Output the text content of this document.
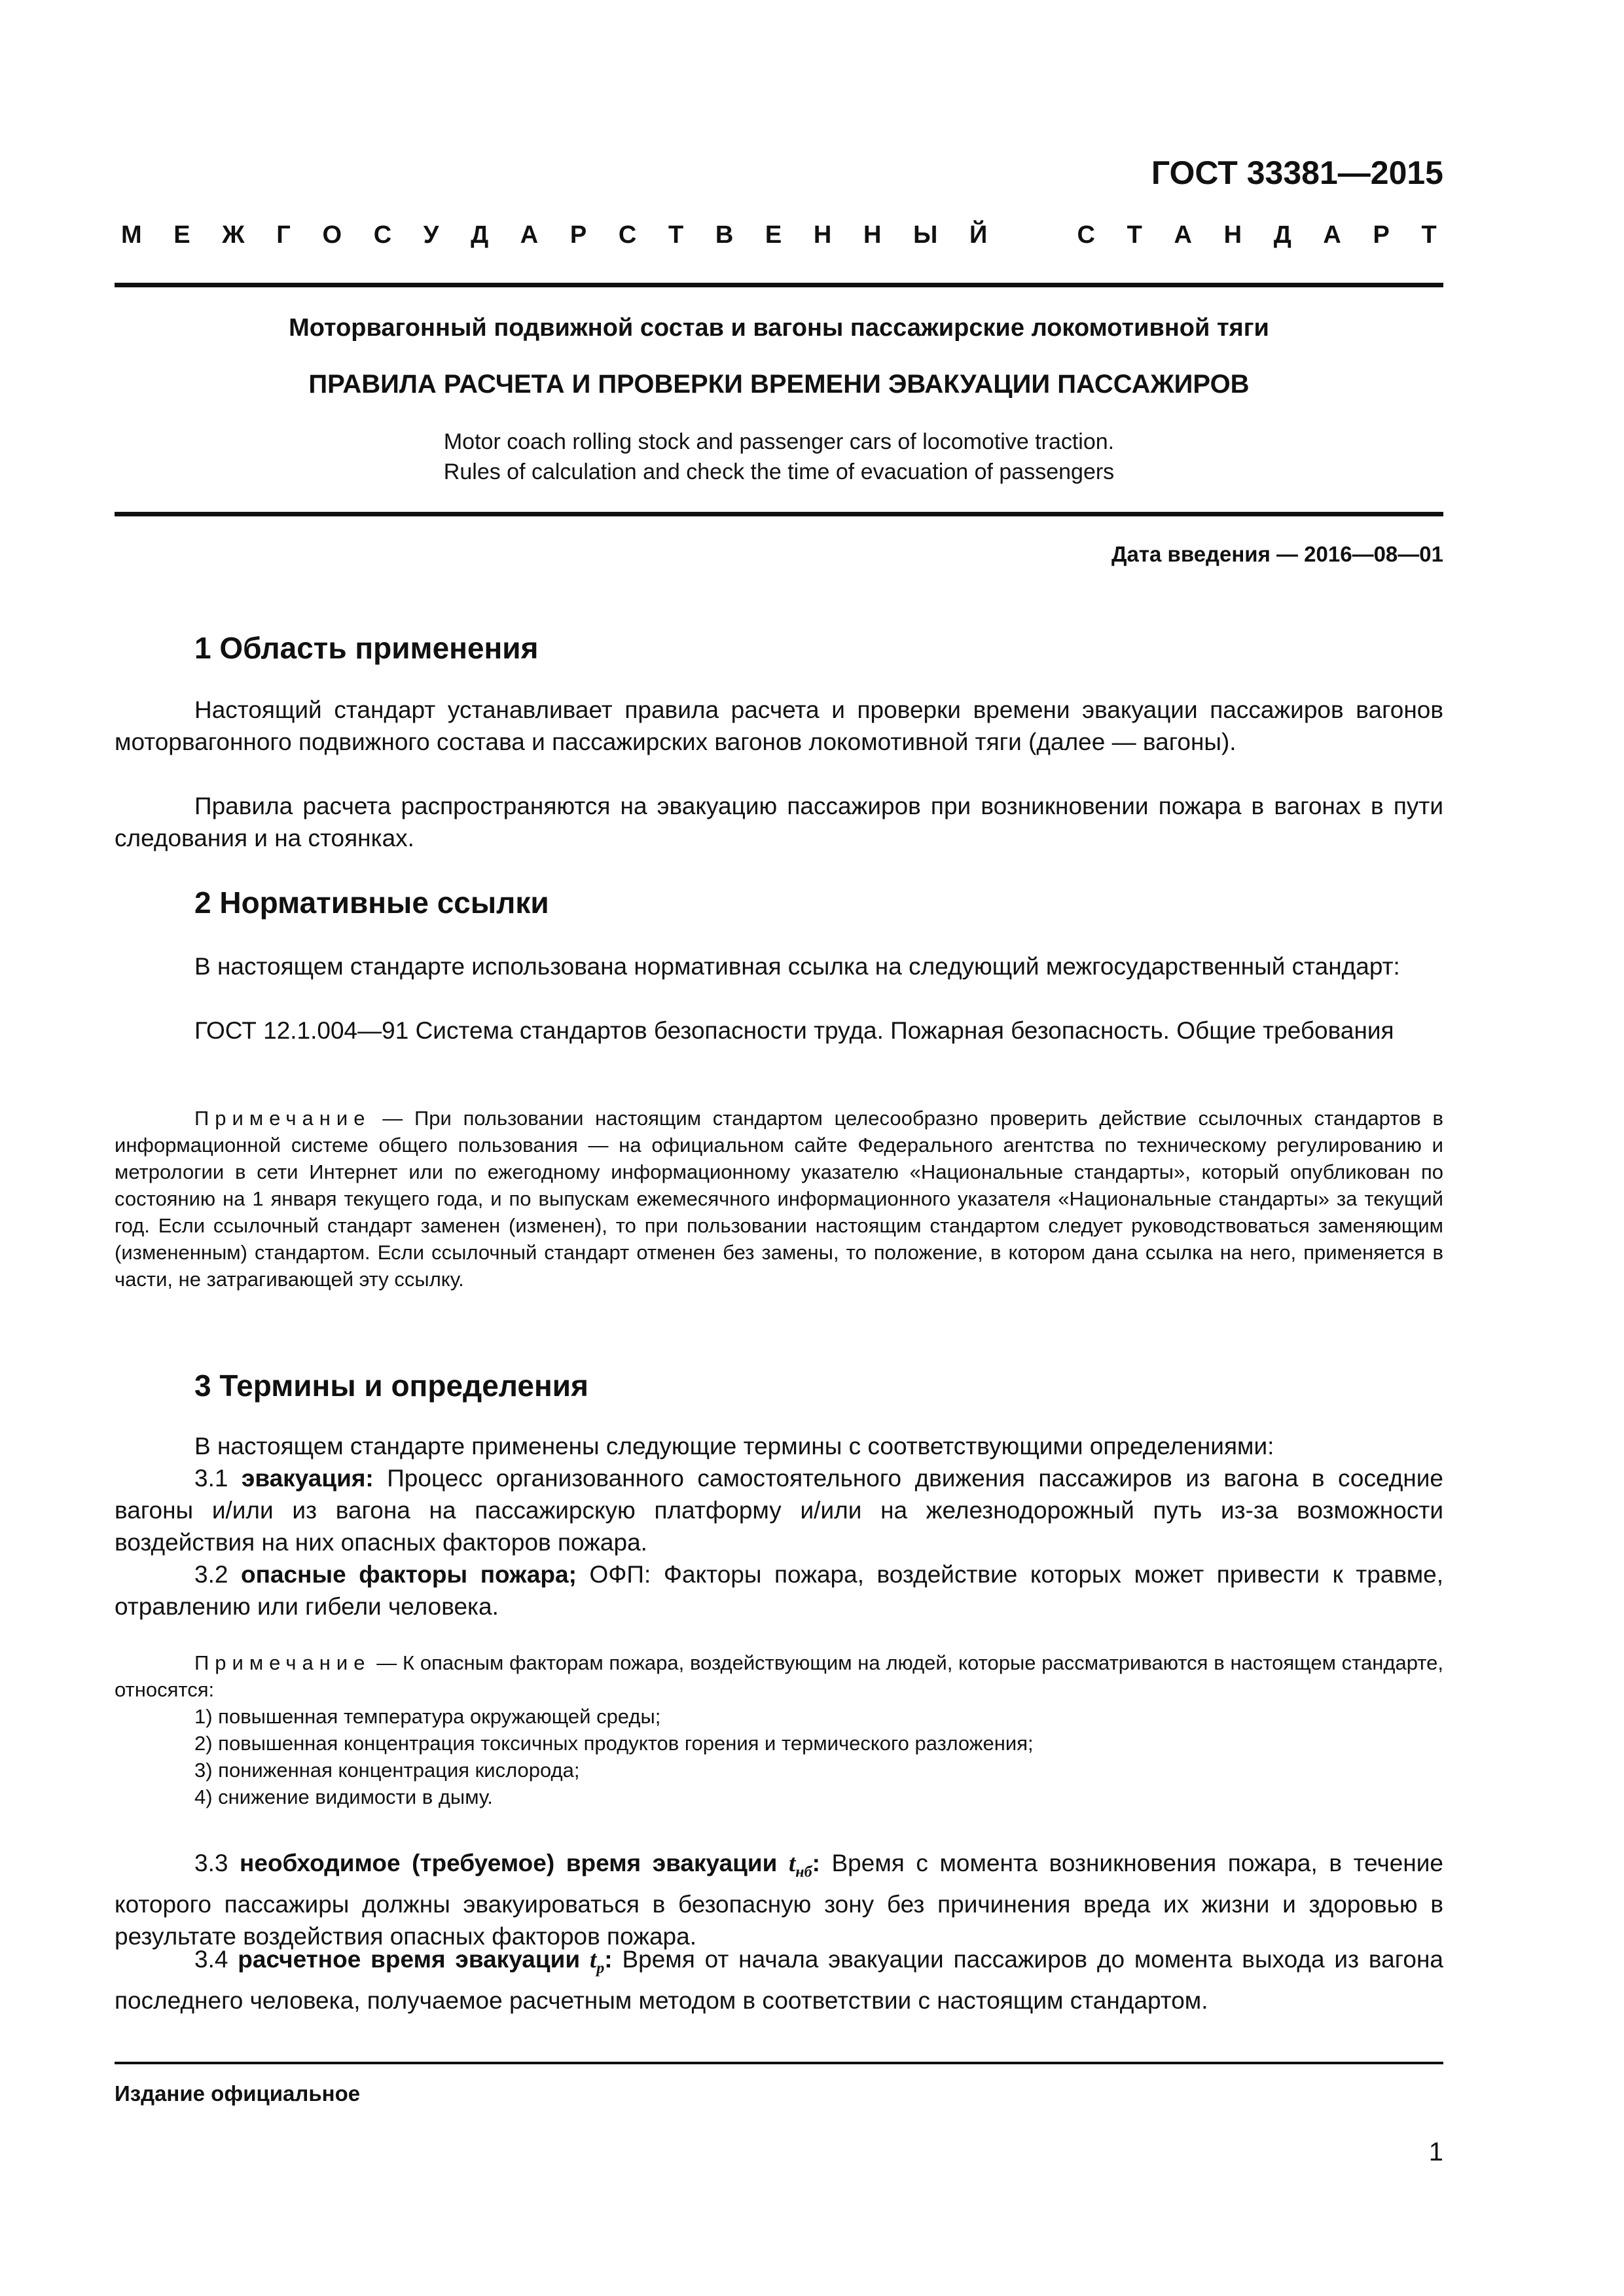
ГОСТ 33381—2015
М Е Ж Г О С У Д А Р С Т В Е Н Н Ы Й	С Т А Н Д А Р Т
Моторвагонный подвижной состав и вагоны пассажирские локомотивной тяги
ПРАВИЛА РАСЧЕТА И ПРОВЕРКИ ВРЕМЕНИ ЭВАКУАЦИИ ПАССАЖИРОВ
Motor coach rolling stock and passenger cars of locomotive traction.
Rules of calculation and check the time of evacuation of passengers
Дата введения — 2016—08—01
1 Область применения

Настоящий стандарт устанавливает правила расчета и проверки времени эвакуации пассажиров вагонов моторвагонного подвижного состава и пассажирских вагонов локомотивной тяги (далее — вагоны).

Правила расчета распространяются на эвакуацию пассажиров при возникновении пожара в вагонах в пути следования и на стоянках.

2 Нормативные ссылки

В настоящем стандарте использована нормативная ссылка на следующий межгосударственный стандарт:

ГОСТ 12.1.004—91 Система стандартов безопасности труда. Пожарная безопасность. Общие требования

Примечание — При пользовании настоящим стандартом целесообразно проверить действие ссылочных стандартов в информационной системе общего пользования — на официальном сайте Федерального агентства по техническому регулированию и метрологии в сети Интернет или по ежегодному информационному указателю «Национальные стандарты», который опубликован по состоянию на 1 января текущего года, и по выпускам ежемесячного информационного указателя «Национальные стандарты» за текущий год. Если ссылочный стандарт заменен (изменен), то при пользовании настоящим стандартом следует руководствоваться заменяющим (измененным) стандартом. Если ссылочный стандарт отменен без замены, то положение, в котором дана ссылка на него, применяется в части, не затрагивающей эту ссылку.

3 Термины и определения

В настоящем стандарте применены следующие термины с соответствующими определениями:

3.1 эвакуация: Процесс организованного самостоятельного движения пассажиров из вагона в соседние вагоны и/или из вагона на пассажирскую платформу и/или на железнодорожный путь из-за возможности воздействия на них опасных факторов пожара.

3.2 опасные факторы пожара; ОФП: Факторы пожара, воздействие которых может привести к травме, отравлению или гибели человека.

Примечание — К опасным факторам пожара, воздействующим на людей, которые рассматриваются в настоящем стандарте, относятся:

1) повышенная температура окружающей среды;
2) повышенная концентрация токсичных продуктов горения и термического разложения;
3) пониженная концентрация кислорода;
4) снижение видимости в дыму.

3.3 необходимое (требуемое) время эвакуации $t_{нб}$: Время с момента возникновения пожара, в течение которого пассажиры должны эвакуироваться в безопасную зону без причинения вреда их жизни и здоровью в результате воздействия опасных факторов пожара.

3.4 расчетное время эвакуации $t_р$: Время от начала эвакуации пассажиров до момента выхода из вагона последнего человека, получаемое расчетным методом в соответствии с настоящим стандартом.

Издание официальное
1
